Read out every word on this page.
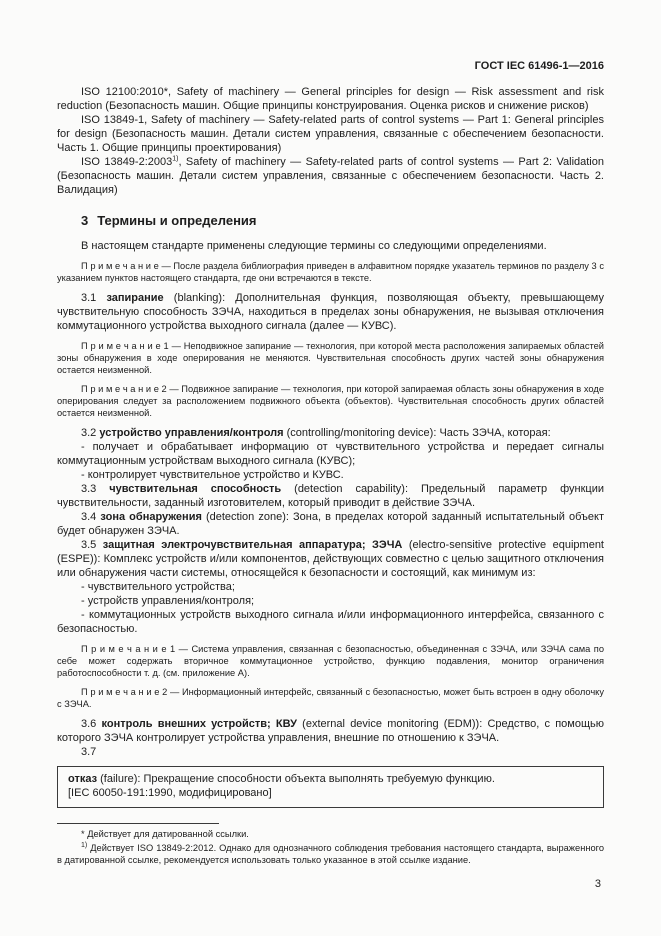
ГОСТ IEC 61496-1—2016

ISO 12100:2010*, Safety of machinery — General principles for design — Risk assessment and risk reduction (Безопасность машин. Общие принципы конструирования. Оценка рисков и снижение рисков)

ISO 13849-1, Safety of machinery — Safety-related parts of control systems — Part 1: General principles for design (Безопасность машин. Детали систем управления, связанные с обеспечением безопасности. Часть 1. Общие принципы проектирования)

ISO 13849-2:2003$^{1)}$, Safety of machinery — Safety-related parts of control systems — Part 2: Validation (Безопасность машин. Детали систем управления, связанные с обеспечением безопасности. Часть 2. Валидация)

3 Термины и определения

В настоящем стандарте применены следующие термины со следующими определениями.

П р и м е ч а н и е — После раздела библиография приведен в алфавитном порядке указатель терминов по разделу 3 с указанием пунктов настоящего стандарта, где они встречаются в тексте.

3.1 запирание (blanking): Дополнительная функция, позволяющая объекту, превышающему чувствительную способность ЗЭЧА, находиться в пределах зоны обнаружения, не вызывая отключения коммутационного устройства выходного сигнала (далее — КУВС).

П р и м е ч а н и е 1 — Неподвижное запирание — технология, при которой места расположения запираемых областей зоны обнаружения в ходе оперирования не меняются. Чувствительная способность других частей зоны обнаружения остается неизменной.

П р и м е ч а н и е 2 — Подвижное запирание — технология, при которой запираемая область зоны обнаружения в ходе оперирования следует за расположением подвижного объекта (объектов). Чувствительная способность других областей остается неизменной.

3.2 устройство управления/контроля (controlling/monitoring device): Часть ЗЭЧА, которая:

- получает и обрабатывает информацию от чувствительного устройства и передает сигналы коммутационным устройствам выходного сигнала (КУВС);

- контролирует чувствительное устройство и КУВС.

3.3 чувствительная способность (detection capability): Предельный параметр функции чувствительности, заданный изготовителем, который приводит в действие ЗЭЧА.

3.4 зона обнаружения (detection zone): Зона, в пределах которой заданный испытательный объект будет обнаружен ЗЭЧА.

3.5 защитная электрочувствительная аппаратура; ЗЭЧА (electro-sensitive protective equipment (ESPE)): Комплекс устройств и/или компонентов, действующих совместно с целью защитного отключения или обнаружения части системы, относящейся к безопасности и состоящий, как минимум из:

- чувствительного устройства;

- устройств управления/контроля;

- коммутационных устройств выходного сигнала и/или информационного интерфейса, связанного с безопасностью.

П р и м е ч а н и е 1 — Система управления, связанная с безопасностью, объединенная с ЗЭЧА, или ЗЭЧА сама по себе может содержать вторичное коммутационное устройство, функцию подавления, монитор ограничения работоспособности т. д. (см. приложение А).

П р и м е ч а н и е 2 — Информационный интерфейс, связанный с безопасностью, может быть встроен в одну оболочку с ЗЭЧА.

3.6 контроль внешних устройств; КВУ (external device monitoring (EDM)): Средство, с помощью которого ЗЭЧА контролирует устройства управления, внешние по отношению к ЗЭЧА.

3.7

отказ (failure): Прекращение способности объекта выполнять требуемую функцию.

[IEC 60050-191:1990, модифицировано]

* Действует для датированной ссылки.

$^{1)}$ Действует ISO 13849-2:2012. Однако для однозначного соблюдения требования настоящего стандарта, выраженного в датированной ссылке, рекомендуется использовать только указанное в этой ссылке издание.

3
